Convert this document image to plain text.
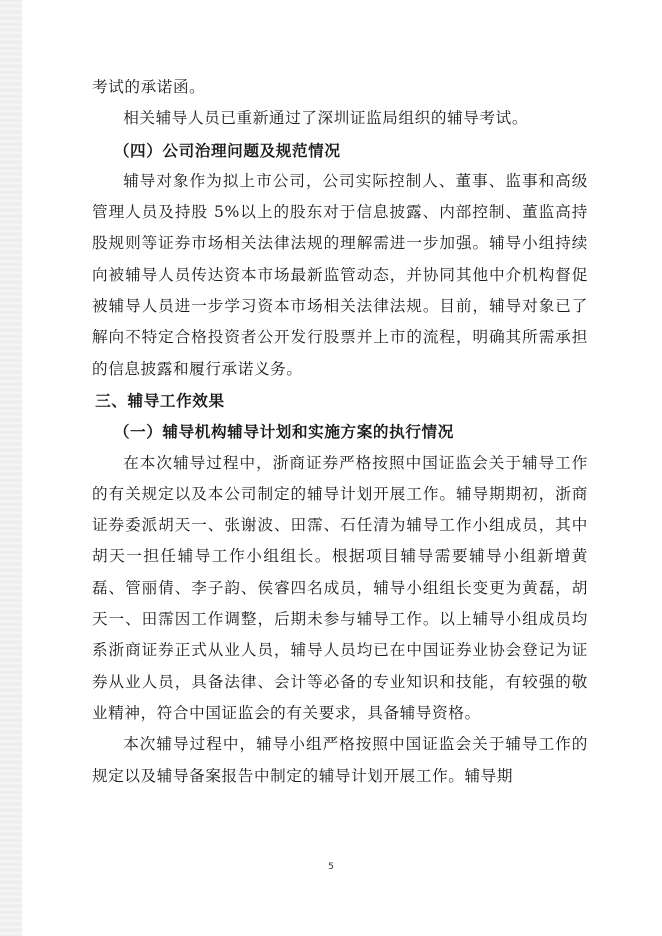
考试的承诺函。

相关辅导人员已重新通过了深圳证监局组织的辅导考试。

（四）公司治理问题及规范情况

辅导对象作为拟上市公司，公司实际控制人、董事、监事和高级管理人员及持股 5%以上的股东对于信息披露、内部控制、董监高持股规则等证券市场相关法律法规的理解需进一步加强。辅导小组持续向被辅导人员传达资本市场最新监管动态，并协同其他中介机构督促被辅导人员进一步学习资本市场相关法律法规。目前，辅导对象已了解向不特定合格投资者公开发行股票并上市的流程，明确其所需承担的信息披露和履行承诺义务。

三、辅导工作效果

（一）辅导机构辅导计划和实施方案的执行情况

在本次辅导过程中，浙商证券严格按照中国证监会关于辅导工作的有关规定以及本公司制定的辅导计划开展工作。辅导期期初，浙商证券委派胡天一、张谢波、田霈、石任清为辅导工作小组成员，其中胡天一担任辅导工作小组组长。根据项目辅导需要辅导小组新增黄磊、管丽倩、李子韵、侯睿四名成员，辅导小组组长变更为黄磊，胡天一、田霈因工作调整，后期未参与辅导工作。以上辅导小组成员均系浙商证券正式从业人员，辅导人员均已在中国证券业协会登记为证券从业人员，具备法律、会计等必备的专业知识和技能，有较强的敬业精神，符合中国证监会的有关要求，具备辅导资格。

本次辅导过程中，辅导小组严格按照中国证监会关于辅导工作的规定以及辅导备案报告中制定的辅导计划开展工作。辅导期

5
